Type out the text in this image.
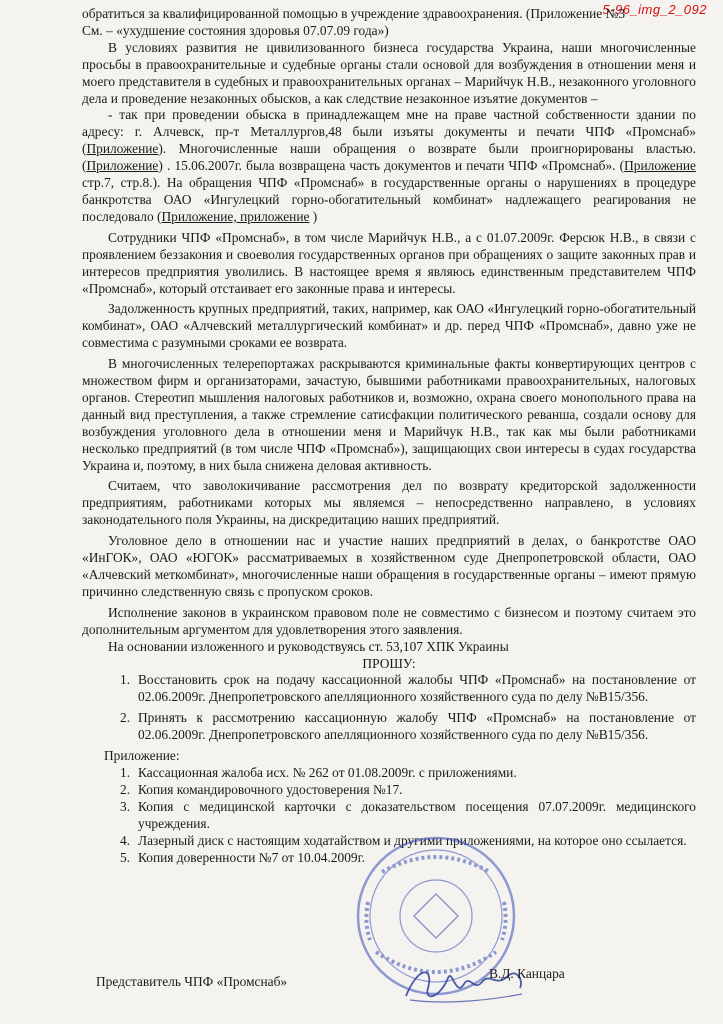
5-96_img_2_092

обратиться за квалифицированной помощью в учреждение здравоохранения. (Приложение №3

См. – «ухудшение состояния здоровья 07.07.09 года»)

В условиях развития не цивилизованного бизнеса государства Украина, наши многочисленные просьбы в правоохранительные и судебные органы стали основой для возбуждения в отношении меня и моего представителя в судебных и правоохранительных органах – Марийчук Н.В., незаконного уголовного дела и проведение незаконных обысков, а как следствие незаконное изъятие документов –

- так при проведении обыска в принадлежащем мне на праве частной собственности здании по адресу: г. Алчевск, пр-т Металлургов,48 были изъяты документы и печати ЧПФ «Промснаб» (Приложение). Многочисленные наши обращения о возврате были проигнорированы властью. (Приложение) . 15.06.2007г. была возвращена часть документов и печати ЧПФ «Промснаб». (Приложение стр.7, стр.8.). На обращения ЧПФ «Промснаб» в государственные органы о нарушениях в процедуре банкротства ОАО «Ингулецкий горно-обогатительный комбинат» надлежащего реагирования не последовало (Приложение, приложение )

Сотрудники ЧПФ «Промснаб», в том числе Марийчук Н.В., а с 01.07.2009г. Ферсюк Н.В., в связи с проявлением беззакония и своеволия государственных органов при обращениях о защите законных прав и интересов предприятия уволились. В настоящее время я являюсь единственным представителем ЧПФ «Промснаб», который отстаивает его законные права и интересы.

Задолженность крупных предприятий, таких, например, как ОАО «Ингулецкий горно-обогатительный комбинат», ОАО «Алчевский металлургический комбинат» и др. перед ЧПФ «Промснаб», давно уже не совместима с разумными сроками ее возврата.

В многочисленных телерепортажах раскрываются криминальные факты конвертирующих центров с множеством фирм и организаторами, зачастую, бывшими работниками правоохранительных, налоговых органов. Стереотип мышления налоговых работников и, возможно, охрана своего монопольного права на данный вид преступления, а также стремление сатисфакции политического реванша, создали основу для возбуждения уголовного дела в отношении меня и Марийчук Н.В., так как мы были работниками несколько предприятий (в том числе ЧПФ «Промснаб»), защищающих свои интересы в судах государства Украина и, поэтому, в них была снижена деловая активность.

Считаем, что заволокичивание рассмотрения дел по возврату кредиторской задолженности предприятиям, работниками которых мы являемся – непосредственно направлено, в условиях законодательного поля Украины, на дискредитацию наших предприятий.

Уголовное дело в отношении нас и участие наших предприятий в делах, о банкротстве ОАО «ИнГОК», ОАО «ЮГОК» рассматриваемых в хозяйственном суде Днепропетровской области, ОАО «Алчевский меткомбинат», многочисленные наши обращения в государственные органы – имеют прямую причинно следственную связь с пропуском сроков.

Исполнение законов в украинском правовом поле не совместимо с бизнесом и поэтому считаем это дополнительным аргументом для удовлетворения этого заявления.

На основании изложенного и руководствуясь ст. 53,107 ХПК Украины

ПРОШУ:

1. Восстановить срок на подачу кассационной жалобы ЧПФ «Промснаб» на постановление от 02.06.2009г. Днепропетровского апелляционного хозяйственного суда по делу №В15/356.
2. Принять к рассмотрению кассационную жалобу ЧПФ «Промснаб» на постановление от 02.06.2009г. Днепропетровского апелляционного хозяйственного суда по делу №В15/356.

Приложение:

1. Кассационная жалоба исх. № 262 от 01.08.2009г. с приложениями.
2. Копия командировочного удостоверения №17.
3. Копия с медицинской карточки с доказательством посещения 07.07.2009г. медицинского учреждения.
4. Лазерный диск с настоящим ходатайством и другими приложениями, на которое оно ссылается.
5. Копия доверенности №7 от 10.04.2009г.
Представитель ЧПФ «Промснаб»
В.Д. Канцара
